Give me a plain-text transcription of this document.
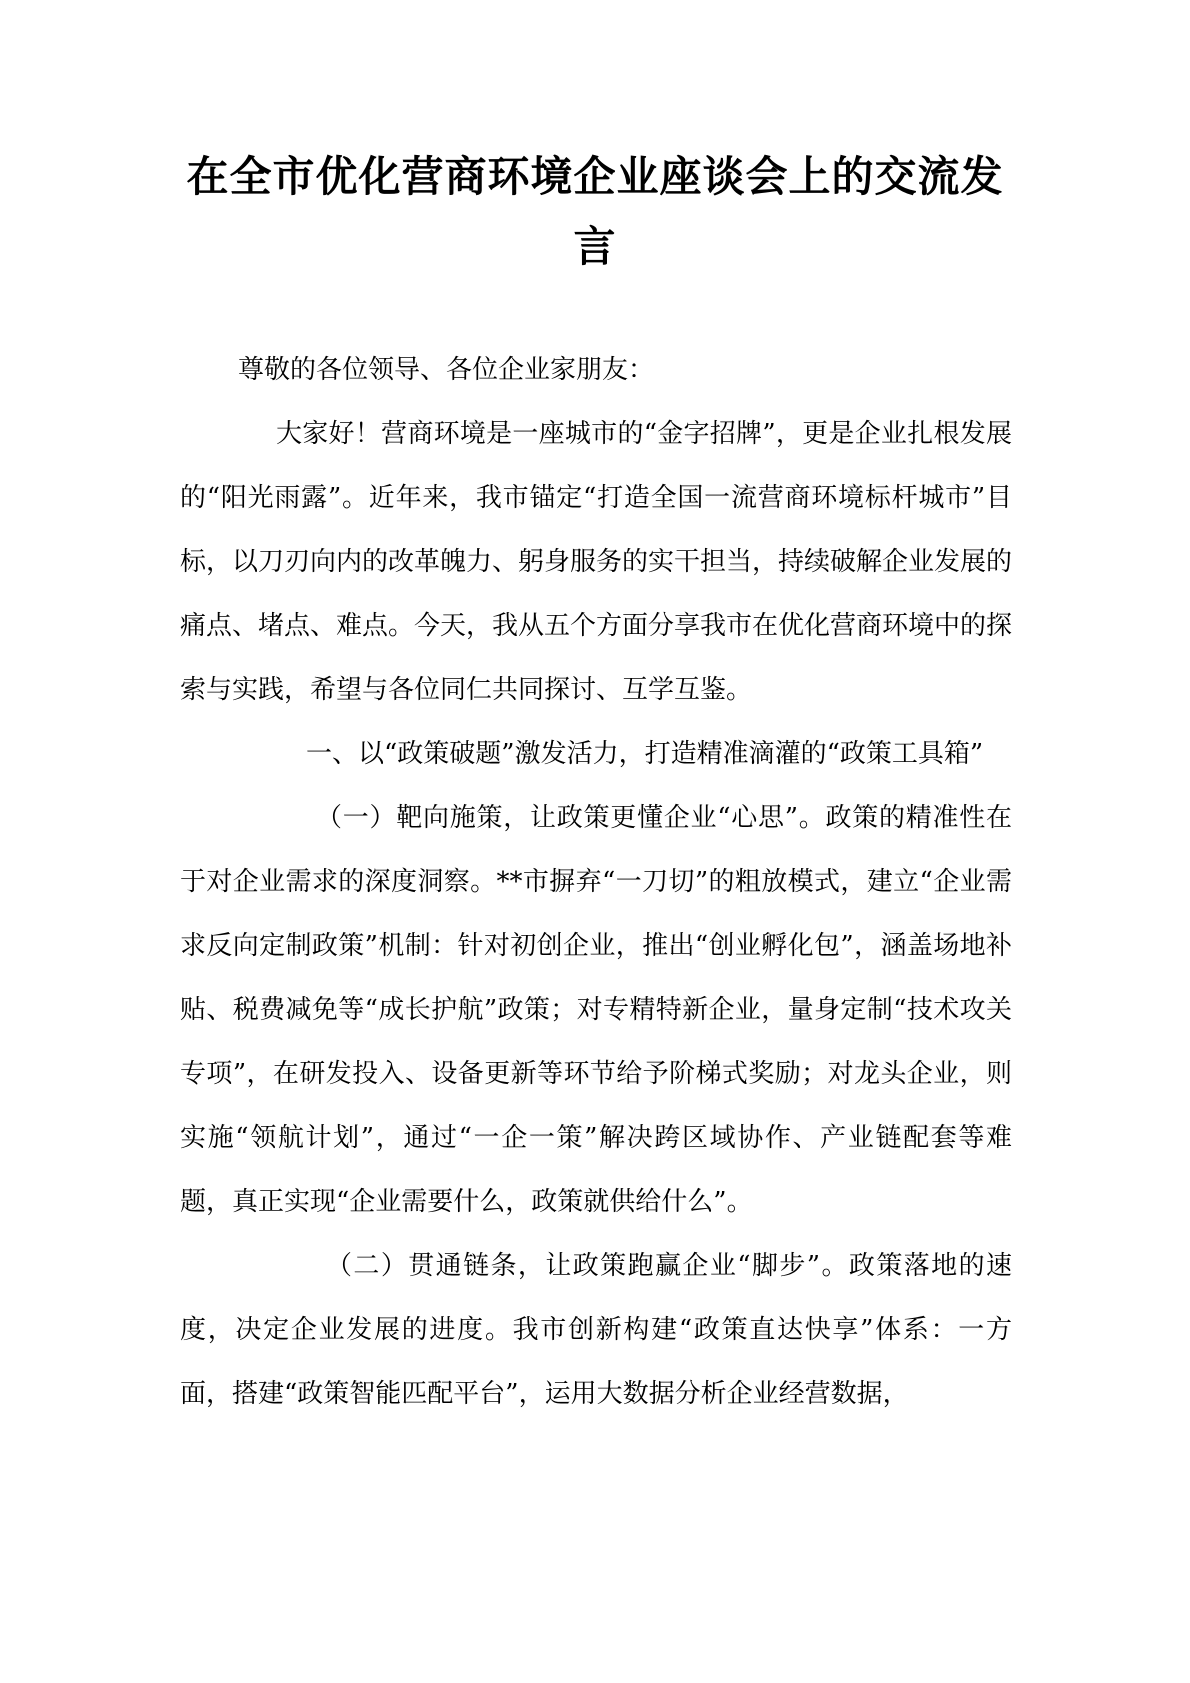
在全市优化营商环境企业座谈会上的交流发言

尊敬的各位领导、各位企业家朋友：

大家好！营商环境是一座城市的“金字招牌”，更是企业扎根发展的“阳光雨露”。近年来，我市锚定“打造全国一流营商环境标杆城市”目标，以刀刃向内的改革魄力、躬身服务的实干担当，持续破解企业发展的痛点、堵点、难点。今天，我从五个方面分享我市在优化营商环境中的探索与实践，希望与各位同仁共同探讨、互学互鉴。

一、以“政策破题”激发活力，打造精准滴灌的“政策工具箱”

（一）靶向施策，让政策更懂企业“心思”。政策的精准性在于对企业需求的深度洞察。**市摒弃“一刀切”的粗放模式，建立“企业需求反向定制政策”机制：针对初创企业，推出“创业孵化包”，涵盖场地补贴、税费减免等“成长护航”政策；对专精特新企业，量身定制“技术攻关专项”，在研发投入、设备更新等环节给予阶梯式奖励；对龙头企业，则实施“领航计划”，通过“一企一策”解决跨区域协作、产业链配套等难题，真正实现“企业需要什么，政策就供给什么”。

（二）贯通链条，让政策跑赢企业“脚步”。政策落地的速度，决定企业发展的进度。我市创新构建“政策直达快享”体系：一方面，搭建“政策智能匹配平台”，运用大数据分析企业经营数据，
